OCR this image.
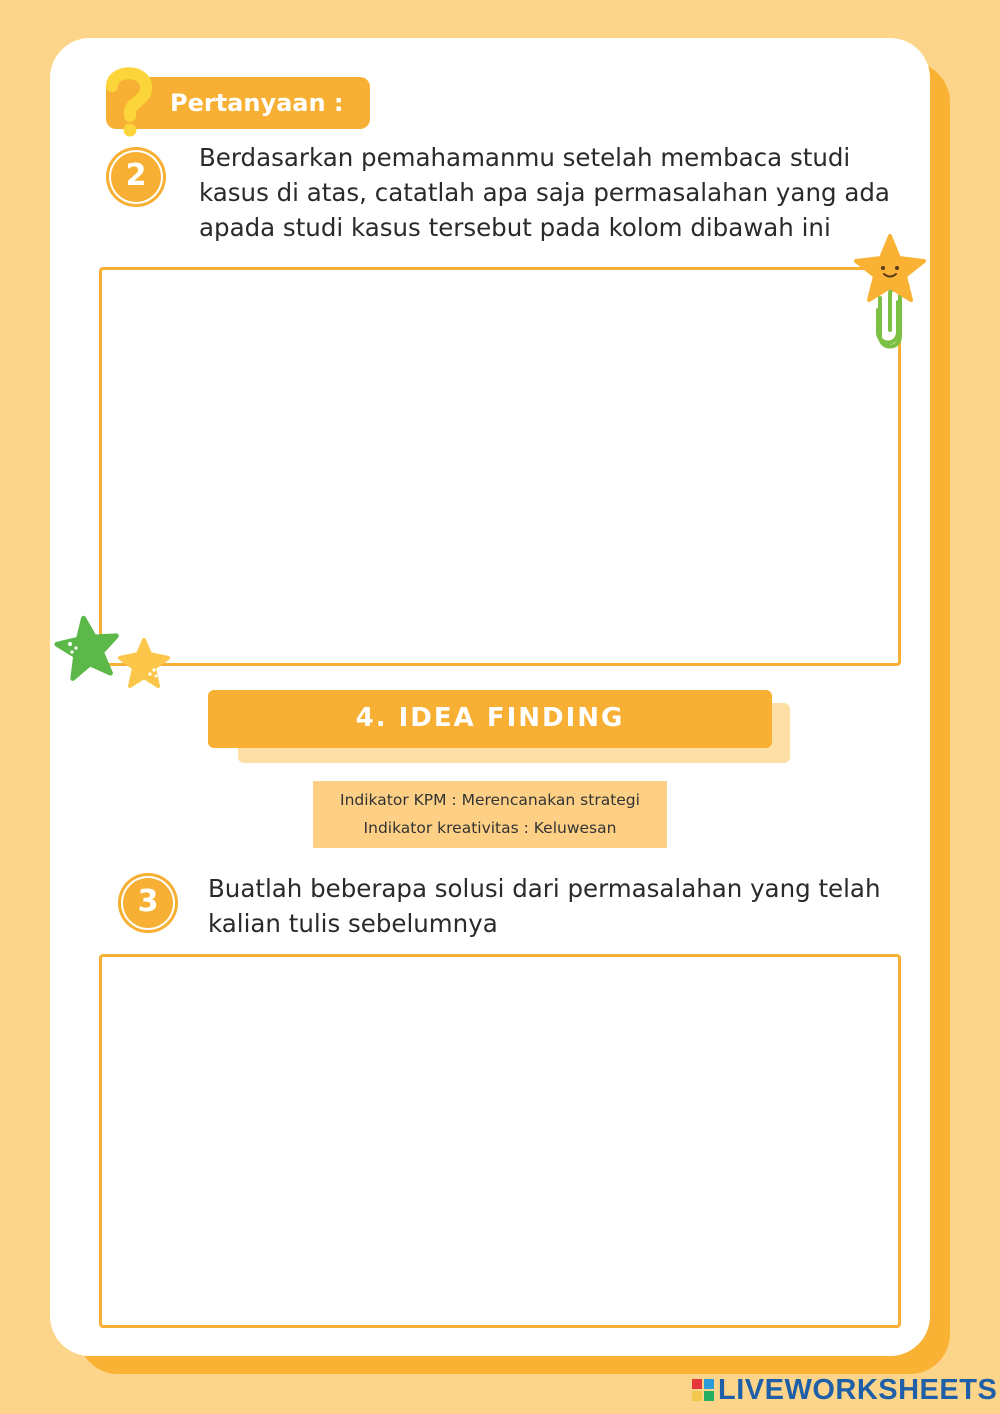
Pertanyaan :
2
Berdasarkan pemahamanmu setelah membaca studi
kasus di atas, catatlah apa saja permasalahan yang ada
apada studi kasus tersebut pada kolom dibawah ini
4. IDEA FINDING
Indikator KPM : Merencanakan strategi
Indikator kreativitas : Keluwesan
3	Buatlah beberapa solusi dari permasalahan yang telah
kalian tulis sebelumnya
LIVEWORKSHEETS
